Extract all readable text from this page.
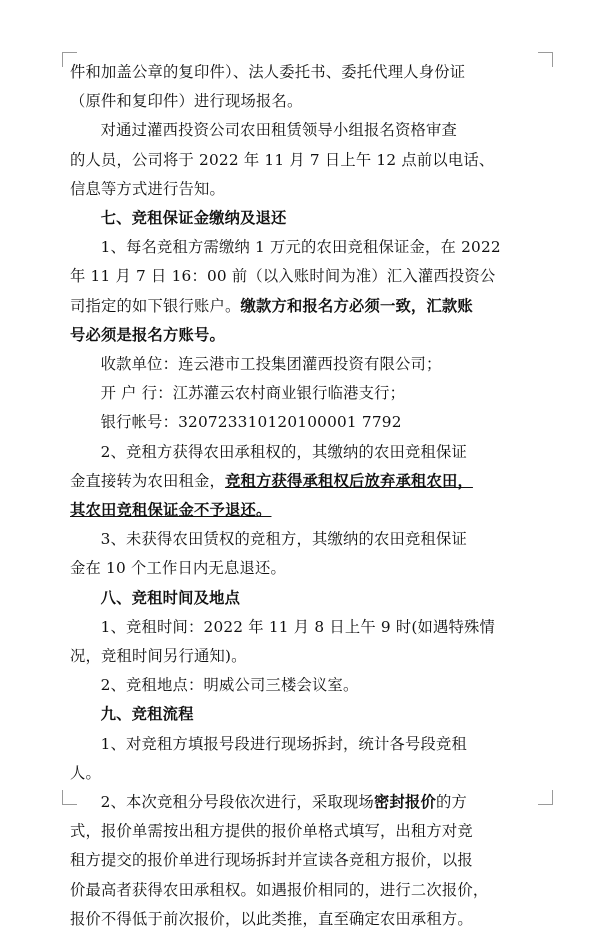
件和加盖公章的复印件）、法人委托书、委托代理人身份证

（原件和复印件）进行现场报名。

对通过灌西投资公司农田租赁领导小组报名资格审查

的人员，公司将于 2022 年 11 月 7 日上午 12 点前以电话、

信息等方式进行告知。

七、竞租保证金缴纳及退还

1、每名竞租方需缴纳 1 万元的农田竞租保证金，在 2022

年 11 月 7 日 16：00 前（以入账时间为准）汇入灌西投资公

司指定的如下银行账户。缴款方和报名方必须一致，汇款账

号必须是报名方账号。

收款单位：连云港市工投集团灌西投资有限公司；

开 户 行：江苏灌云农村商业银行临港支行；

银行帐号：320723310120100001 7792

2、竞租方获得农田承租权的，其缴纳的农田竞租保证

金直接转为农田租金，竞租方获得承租权后放弃承租农田，

其农田竞租保证金不予退还。

3、未获得农田赁权的竞租方，其缴纳的农田竞租保证

金在 10 个工作日内无息退还。

八、竞租时间及地点

1、竞租时间：2022 年 11 月 8 日上午 9 时(如遇特殊情

况，竞租时间另行通知)。

2、竞租地点：明威公司三楼会议室。

九、竞租流程

1、对竞租方填报号段进行现场拆封，统计各号段竞租

人。

2、本次竞租分号段依次进行，采取现场密封报价的方

式，报价单需按出租方提供的报价单格式填写，出租方对竞

租方提交的报价单进行现场拆封并宣读各竞租方报价，以报

价最高者获得农田承租权。如遇报价相同的，进行二次报价，

报价不得低于前次报价，以此类推，直至确定农田承租方。
